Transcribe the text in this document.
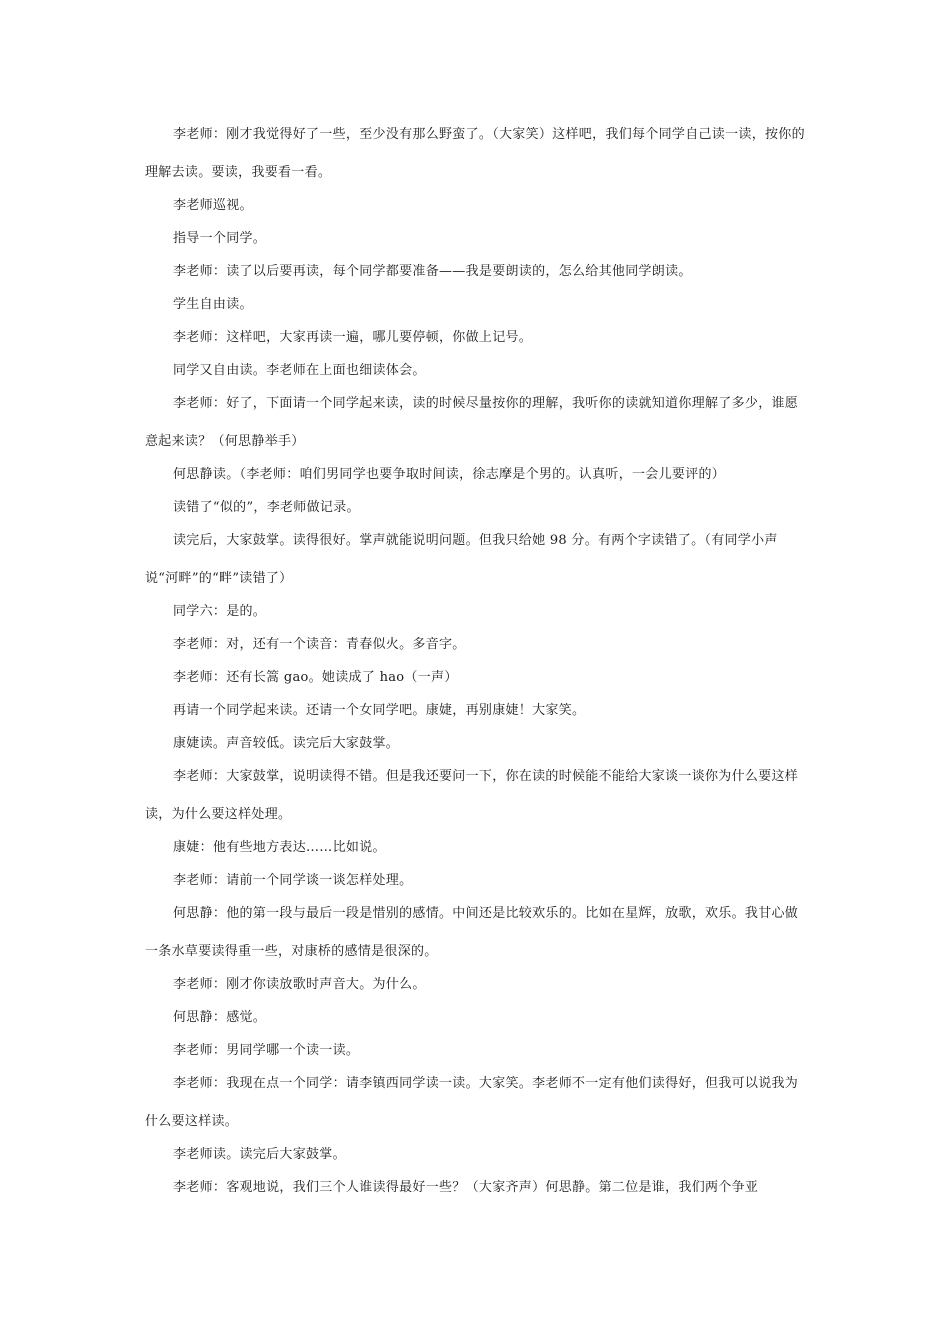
李老师：刚才我觉得好了一些，至少没有那么野蛮了。（大家笑）这样吧，我们每个同学自己读一读，按你的理解去读。要读，我要看一看。

李老师巡视。

指导一个同学。

李老师：读了以后要再读，每个同学都要准备——我是要朗读的，怎么给其他同学朗读。

学生自由读。

李老师：这样吧，大家再读一遍，哪儿要停顿，你做上记号。

同学又自由读。李老师在上面也细读体会。

李老师：好了，下面请一个同学起来读，读的时候尽量按你的理解，我听你的读就知道你理解了多少，谁愿意起来读？（何思静举手）

何思静读。（李老师：咱们男同学也要争取时间读，徐志摩是个男的。认真听，一会儿要评的）

读错了“似的”，李老师做记录。

读完后，大家鼓掌。读得很好。掌声就能说明问题。但我只给她 98 分。有两个字读错了。（有同学小声说“河畔”的“畔”读错了）

同学六：是的。

李老师：对，还有一个读音：青春似火。多音字。

李老师：还有长篙 gao。她读成了 hao（一声）

再请一个同学起来读。还请一个女同学吧。康婕，再别康婕！大家笑。

康婕读。声音较低。读完后大家鼓掌。

李老师：大家鼓掌，说明读得不错。但是我还要问一下，你在读的时候能不能给大家谈一谈你为什么要这样读，为什么要这样处理。

康婕：他有些地方表达……比如说。

李老师：请前一个同学谈一谈怎样处理。

何思静：他的第一段与最后一段是惜别的感情。中间还是比较欢乐的。比如在星辉，放歌，欢乐。我甘心做一条水草要读得重一些，对康桥的感情是很深的。

李老师：刚才你读放歌时声音大。为什么。

何思静：感觉。

李老师：男同学哪一个读一读。

李老师：我现在点一个同学：请李镇西同学读一读。大家笑。李老师不一定有他们读得好，但我可以说我为什么要这样读。

李老师读。读完后大家鼓掌。

李老师：客观地说，我们三个人谁读得最好一些？（大家齐声）何思静。第二位是谁，我们两个争亚
